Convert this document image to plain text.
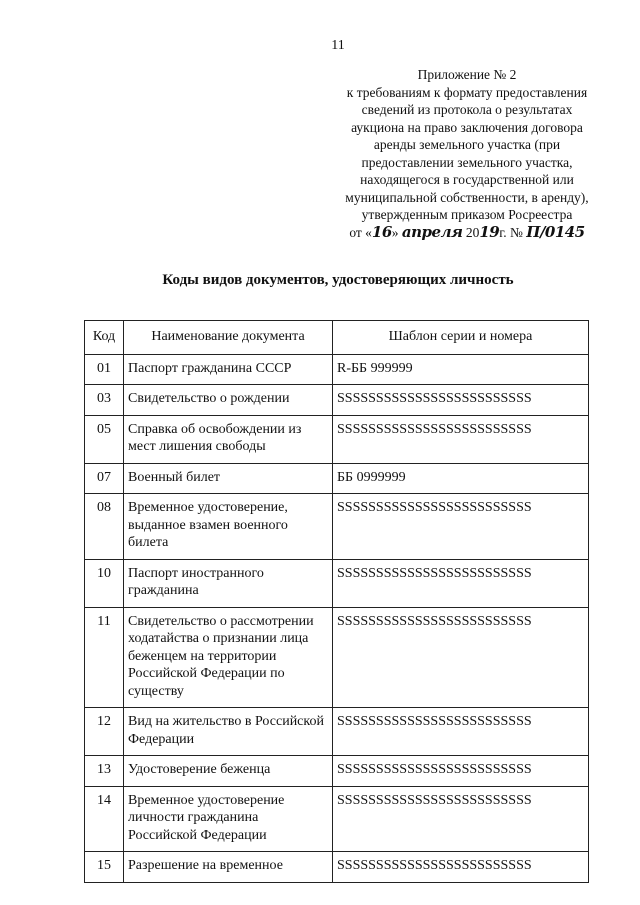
11
Приложение № 2
к требованиям к формату предоставления
сведений из протокола о результатах
аукциона на право заключения договора
аренды земельного участка (при
предоставлении земельного участка,
находящегося в государственной или
муниципальной собственности, в аренду),
утвержденным приказом Росреестра
от «16» апреля 2019г. № П/0145
Коды видов документов, удостоверяющих личность
Код	Наименование документа	Шаблон серии и номера
01	Паспорт гражданина СССР	R-ББ 999999
03	Свидетельство о рождении	SSSSSSSSSSSSSSSSSSSSSSSSS
05	Справка об освобождении из мест лишения свободы	SSSSSSSSSSSSSSSSSSSSSSSSS
07	Военный билет	ББ 0999999
08	Временное удостоверение, выданное взамен военного билета	SSSSSSSSSSSSSSSSSSSSSSSSS
10	Паспорт иностранного гражданина	SSSSSSSSSSSSSSSSSSSSSSSSS
11	Свидетельство о рассмотрении ходатайства о признании лица беженцем на территории Российской Федерации по существу	SSSSSSSSSSSSSSSSSSSSSSSSS
12	Вид на жительство в Российской Федерации	SSSSSSSSSSSSSSSSSSSSSSSSS
13	Удостоверение беженца	SSSSSSSSSSSSSSSSSSSSSSSSS
14	Временное удостоверение личности гражданина Российской Федерации	SSSSSSSSSSSSSSSSSSSSSSSSS
15	Разрешение на временное	SSSSSSSSSSSSSSSSSSSSSSSSS
